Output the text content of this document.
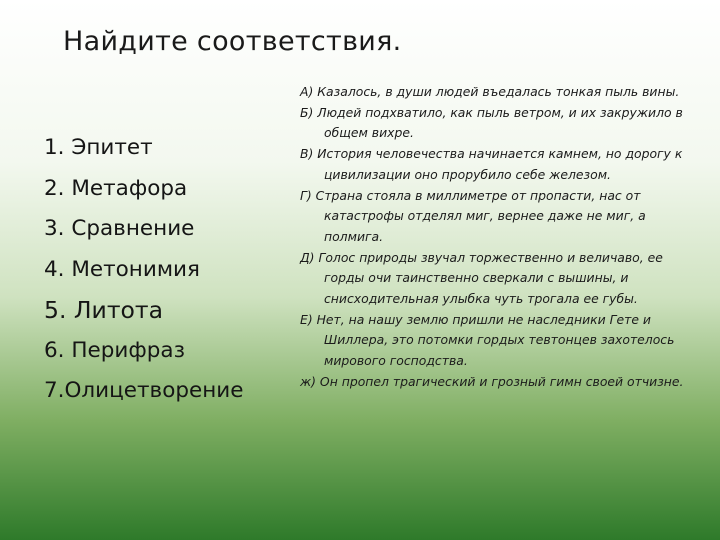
Найдите соответствия.
1. Эпитет
2. Метафора
3. Сравнение
4. Метонимия
5. Литота
6. Перифраз
7.Олицетворение
А) Казалось, в души людей въедалась тонкая пыль вины.
Б) Людей подхватило, как пыль ветром, и их закружило в общем вихре.
В) История человечества начинается камнем, но дорогу к цивилизации оно прорубило себе железом.
Г) Страна стояла в миллиметре от пропасти, нас от катастрофы отделял миг, вернее даже не миг, а полмига.
Д) Голос природы звучал торжественно и величаво, ее горды очи таинственно сверкали с вышины, и снисходительная улыбка чуть трогала ее губы.
Е) Нет, на нашу землю пришли не наследники Гете и Шиллера, это потомки гордых тевтонцев захотелось мирового господства.
ж) Он пропел трагический и грозный гимн своей отчизне.
